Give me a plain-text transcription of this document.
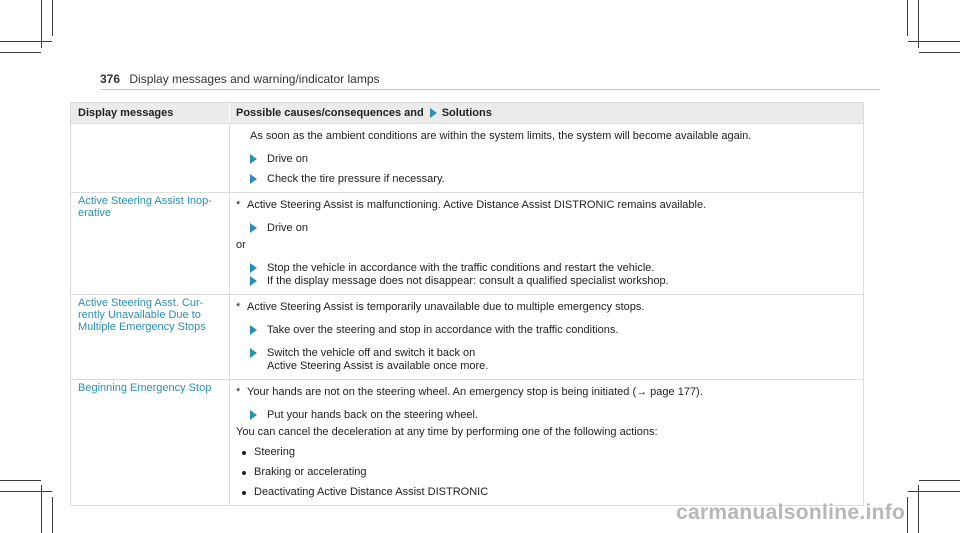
376 Display messages and warning/indicator lamps
Display messages	Possible causes/consequences and Solutions
As soon as the ambient conditions are within the system limits, the system will become available again.
Drive on
Check the tire pressure if necessary.
Active Steering Assist Inop-
erative
* Active Steering Assist is malfunctioning. Active Distance Assist DISTRONIC remains available.
Drive on
or
Stop the vehicle in accordance with the traffic conditions and restart the vehicle.
If the display message does not disappear: consult a qualified specialist workshop.
Active Steering Asst. Cur-
rently Unavailable Due to
Multiple Emergency Stops
* Active Steering Assist is temporarily unavailable due to multiple emergency stops.
Take over the steering and stop in accordance with the traffic conditions.
Switch the vehicle off and switch it back on
Active Steering Assist is available once more.
Beginning Emergency Stop	* Your hands are not on the steering wheel. An emergency stop is being initiated (→ page 177).
Put your hands back on the steering wheel.
You can cancel the deceleration at any time by performing one of the following actions:
Steering
Braking or accelerating
Deactivating Active Distance Assist DISTRONIC
carmanualsonline.info
